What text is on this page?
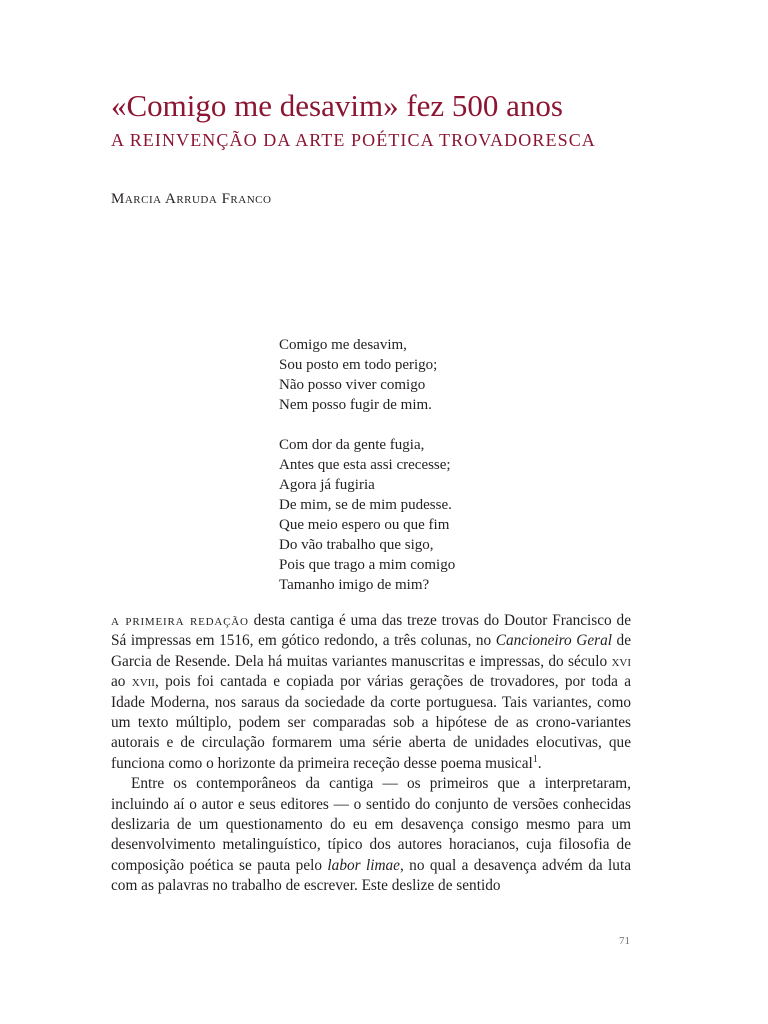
«Comigo me desavim» fez 500 anos
A REINVENÇÃO DA ARTE POÉTICA TROVADORESCA
Marcia Arruda Franco
Comigo me desavim,
Sou posto em todo perigo;
Não posso viver comigo
Nem posso fugir de mim.
Com dor da gente fugia,
Antes que esta assi crecesse;
Agora já fugiria
De mim, se de mim pudesse.
Que meio espero ou que fim
Do vão trabalho que sigo,
Pois que trago a mim comigo
Tamanho imigo de mim?

a primeira redação desta cantiga é uma das treze trovas do Doutor Francisco de Sá impressas em 1516, em gótico redondo, a três colunas, no Cancioneiro Geral de Garcia de Resende. Dela há muitas variantes manuscritas e impressas, do século xvi ao xvii, pois foi cantada e copiada por várias gerações de trovadores, por toda a Idade Moderna, nos saraus da sociedade da corte portuguesa. Tais variantes, como um texto múltiplo, podem ser comparadas sob a hipótese de as crono-variantes autorais e de circulação formarem uma série aberta de unidades elocutivas, que funciona como o horizonte da primeira receção desse poema musical$^1$.

Entre os contemporâneos da cantiga — os primeiros que a interpretaram, incluindo aí o autor e seus editores — o sentido do conjunto de versões conhecidas deslizaria de um questionamento do eu em desavença consigo mesmo para um desenvolvimento metalinguístico, típico dos autores horacianos, cuja filosofia de composição poética se pauta pelo labor limae, no qual a desavença advém da luta com as palavras no trabalho de escrever. Este deslize de sentido

71
